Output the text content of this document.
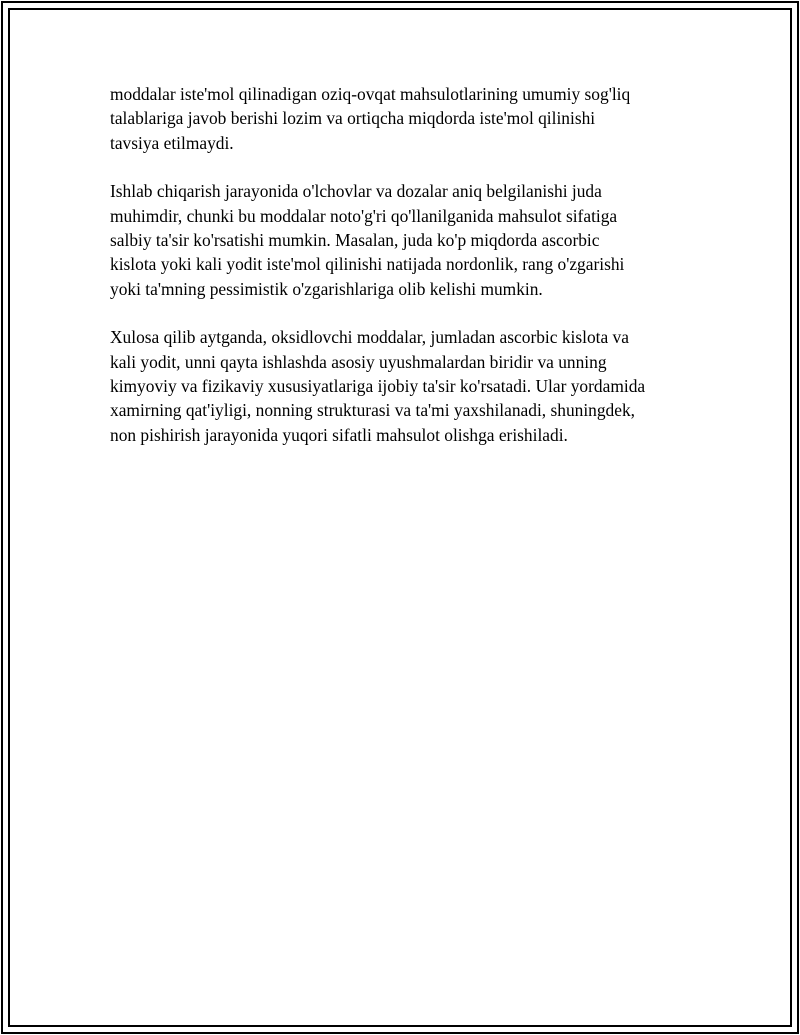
moddalar iste'mol qilinadigan oziq-ovqat mahsulotlarining umumiy sog'liq
talablariga javob berishi lozim va ortiqcha miqdorda iste'mol qilinishi
tavsiya etilmaydi.

Ishlab chiqarish jarayonida o'lchovlar va dozalar aniq belgilanishi juda
muhimdir, chunki bu moddalar noto'g'ri qo'llanilganida mahsulot sifatiga
salbiy ta'sir ko'rsatishi mumkin. Masalan, juda ko'p miqdorda ascorbic
kislota yoki kali yodit iste'mol qilinishi natijada nordonlik, rang o'zgarishi
yoki ta'mning pessimistik o'zgarishlariga olib kelishi mumkin.

Xulosa qilib aytganda, oksidlovchi moddalar, jumladan ascorbic kislota va
kali yodit, unni qayta ishlashda asosiy uyushmalardan biridir va unning
kimyoviy va fizikaviy xususiyatlariga ijobiy ta'sir ko'rsatadi. Ular yordamida
xamirning qat'iyligi, nonning strukturasi va ta'mi yaxshilanadi, shuningdek,
non pishirish jarayonida yuqori sifatli mahsulot olishga erishiladi.
